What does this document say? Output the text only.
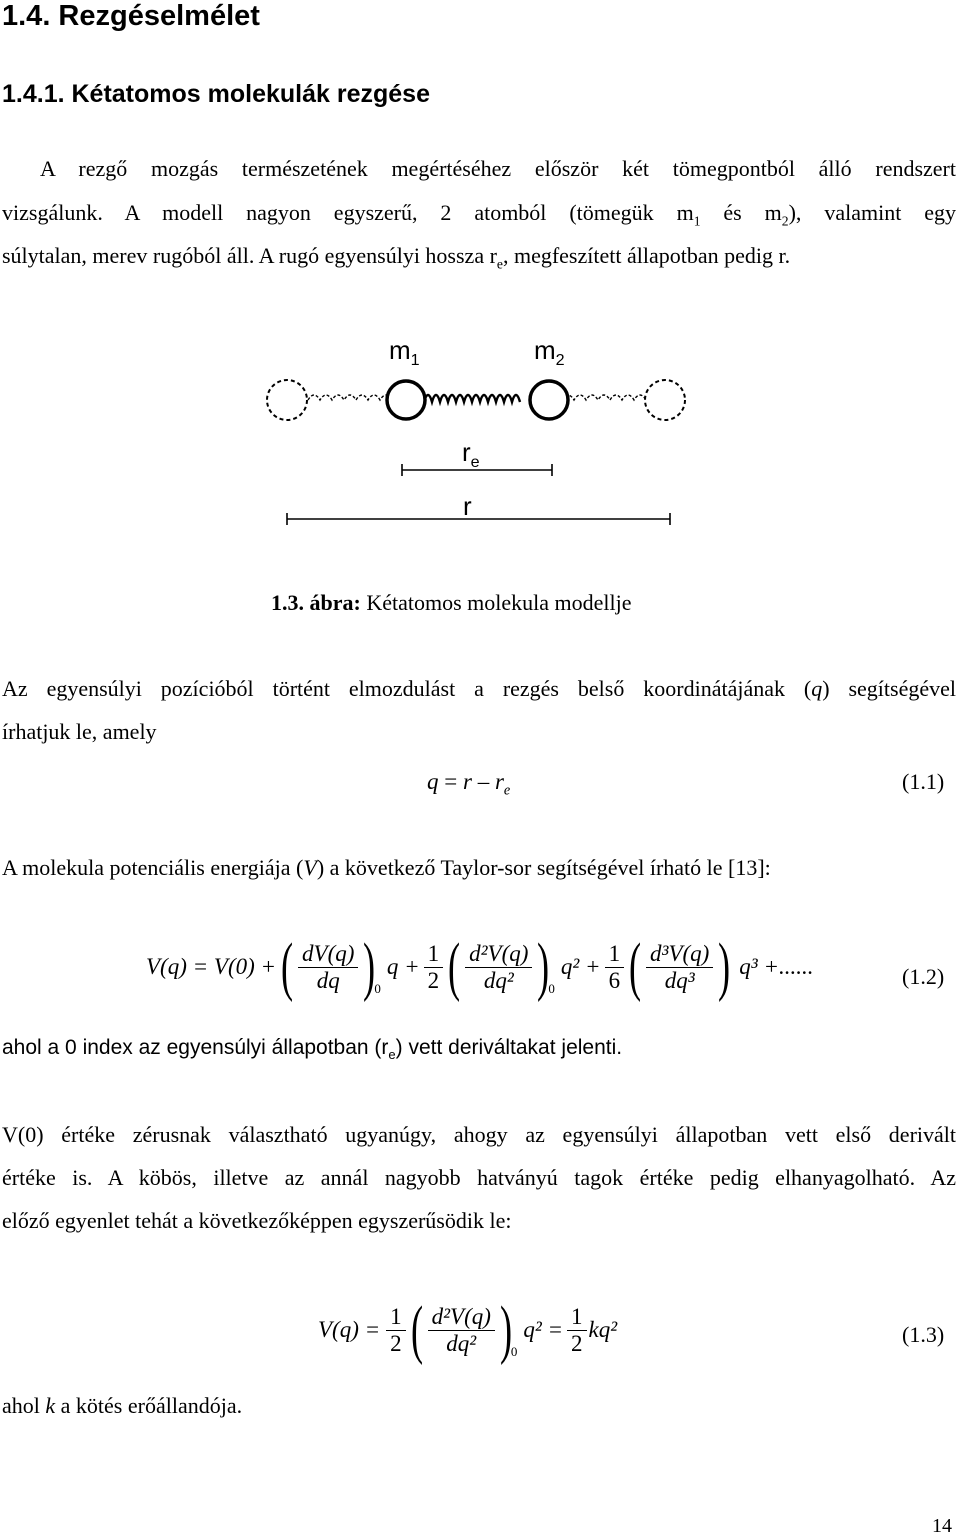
1.4. Rezgéselmélet
1.4.1. Kétatomos molekulák rezgése
A rezgő mozgás természetének megértéséhez először két tömegpontból álló rendszert
vizsgálunk. A modell nagyon egyszerű, 2 atomból (tömegük $m_1$ és $m_2$), valamint egy
súlytalan, merev rugóból áll. A rugó egyensúlyi hossza $r_e$, megfeszített állapotban pedig r.
$m_1$	$m_2$
$r_e$
r
1.3. ábra: Kétatomos molekula modellje
Az egyensúlyi pozícióból történt elmozdulást a rezgés belső koordinátájának (q) segítségével
írhatjuk le, amely
$q = r - r_e$	(1.1)
A molekula potenciális energiája (V) a következő Taylor-sor segítségével írható le [13]:
V(q) = V(0) + ( $\frac{dV(q)}{dq}$ )
0
$q + \frac{1}{2}$ ( $\frac{\text{d²V(q)}}{\text{dq²}}$ )
0
$q^2 + \frac{1}{6}$ ( $\frac{\text{d³V(q)}}{\text{dq³}}$ ) q³ +......	(1.2)
ahol a 0 index az egyensúlyi állapotban $(r_e)$ vett deriváltakat jelenti.
V(0) értéke zérusnak választható ugyanúgy, ahogy az egyensúlyi állapotban vett első derivált
értéke is. A köbös, illetve az annál nagyobb hatványú tagok értéke pedig elhanyagolható. Az
előző egyenlet tehát a következőképpen egyszerűsödik le:
$V(q) = \frac{1}{2}$ ( $\frac{\text{d²V(q)}}{\text{dq²}}$ )
0
$q^2 = \frac{1}{2} kq^2$	(1.3)
ahol k a kötés erőállandója.
14
